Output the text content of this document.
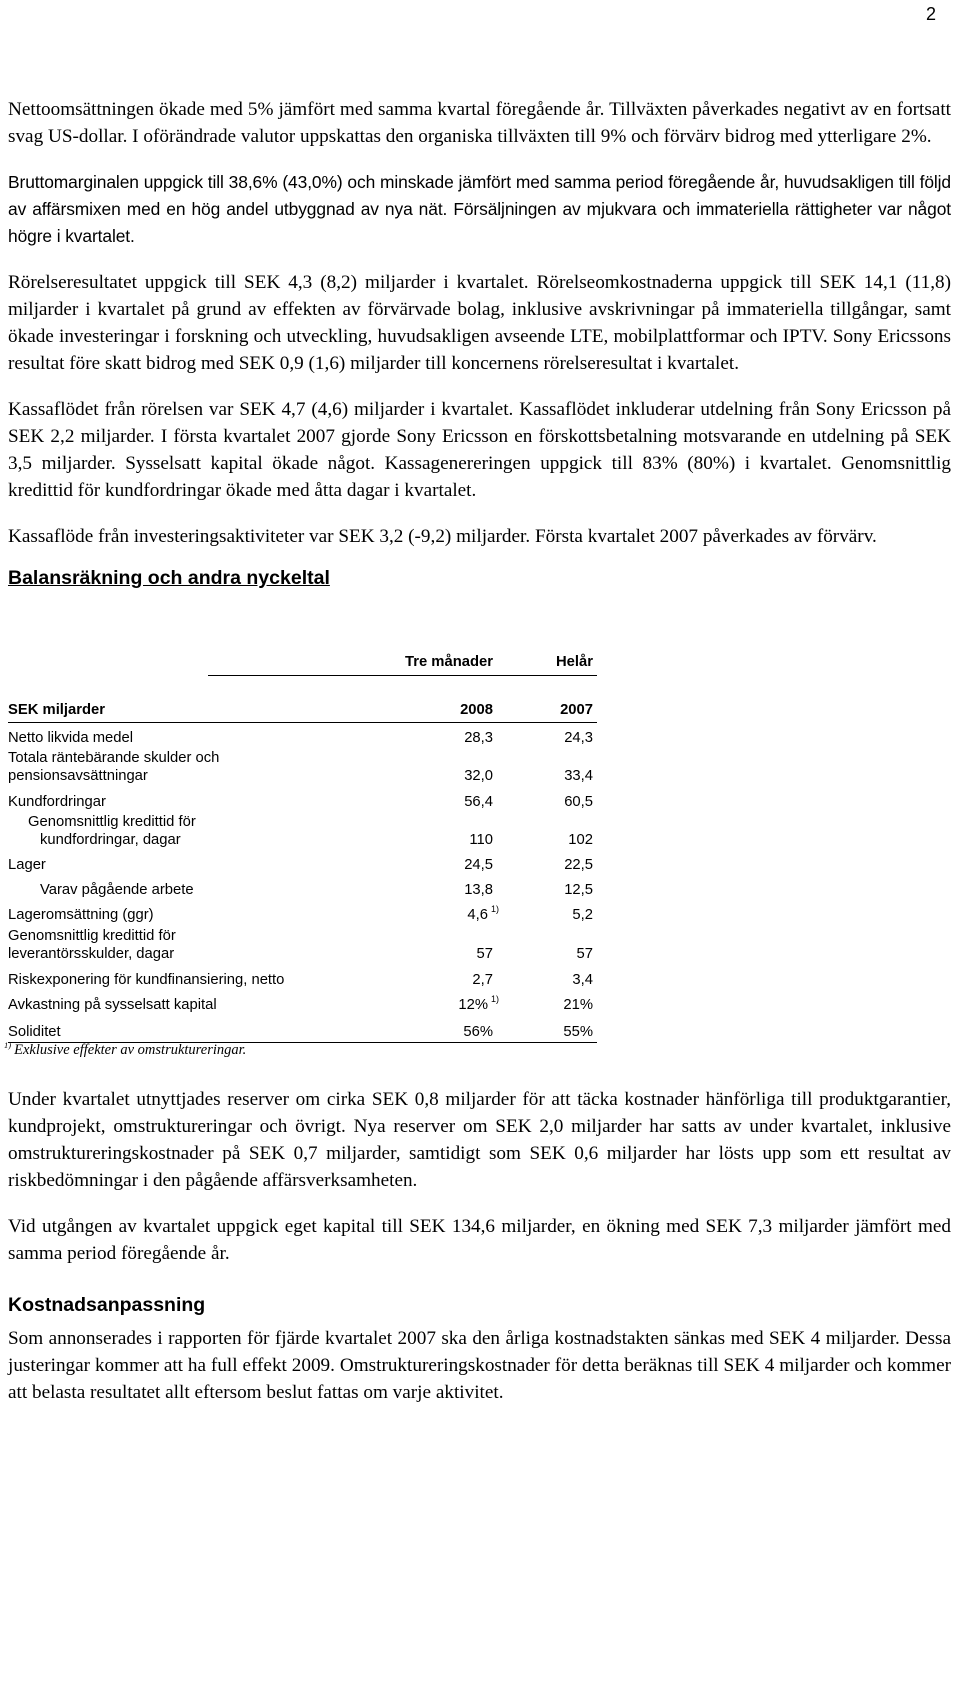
2

Nettoomsättningen ökade med 5% jämfört med samma kvartal föregående år. Tillväxten påverkades negativt av en fortsatt svag US-dollar. I oförändrade valutor uppskattas den organiska tillväxten till 9% och förvärv bidrog med ytterligare 2%.

Bruttomarginalen uppgick till 38,6% (43,0%) och minskade jämfört med samma period föregående år, huvudsakligen till följd av affärsmixen med en hög andel utbyggnad av nya nät. Försäljningen av mjukvara och immateriella rättigheter var något högre i kvartalet.

Rörelseresultatet uppgick till SEK 4,3 (8,2) miljarder i kvartalet. Rörelseomkostnaderna uppgick till SEK 14,1 (11,8) miljarder i kvartalet på grund av effekten av förvärvade bolag, inklusive avskrivningar på immateriella tillgångar, samt ökade investeringar i forskning och utveckling, huvudsakligen avseende LTE, mobilplattformar och IPTV. Sony Ericssons resultat före skatt bidrog med SEK 0,9 (1,6) miljarder till koncernens rörelseresultat i kvartalet.

Kassaflödet från rörelsen var SEK 4,7 (4,6) miljarder i kvartalet. Kassaflödet inkluderar utdelning från Sony Ericsson på SEK 2,2 miljarder. I första kvartalet 2007 gjorde Sony Ericsson en förskottsbetalning motsvarande en utdelning på SEK 3,5 miljarder. Sysselsatt kapital ökade något. Kassagenereringen uppgick till 83% (80%) i kvartalet. Genomsnittlig kredittid för kundfordringar ökade med åtta dagar i kvartalet.

Kassaflöde från investeringsaktiviteter var SEK 3,2 (-9,2) miljarder. Första kvartalet 2007 påverkades av förvärv.

Balansräkning och andra nyckeltal
Tre månader	Helår
SEK miljarder	2008	2007
Netto likvida medel	28,3	24,3
Totala räntebärande skulder och
pensionsavsättningar	32,0	33,4
Kundfordringar	56,4	60,5
Genomsnittlig kredittid för
kundfordringar, dagar	110	102
Lager	24,5	22,5
Varav pågående arbete	13,8	12,5
Lageromsättning (ggr)	4,6 $^{1)}$	5,2
Genomsnittlig kredittid för
leverantörsskulder, dagar	57	57
Riskexponering för kundfinansiering, netto	2,7	3,4
Avkastning på sysselsatt kapital	12% $^{1)}$	21%
Soliditet	56%	55%
$^{1)}$ Exklusive effekter av omstruktureringar.

Under kvartalet utnyttjades reserver om cirka SEK 0,8 miljarder för att täcka kostnader hänförliga till produktgarantier, kundprojekt, omstruktureringar och övrigt. Nya reserver om SEK 2,0 miljarder har satts av under kvartalet, inklusive omstruktureringskostnader på SEK 0,7 miljarder, samtidigt som SEK 0,6 miljarder har lösts upp som ett resultat av riskbedömningar i den pågående affärsverksamheten.

Vid utgången av kvartalet uppgick eget kapital till SEK 134,6 miljarder, en ökning med SEK 7,3 miljarder jämfört med samma period föregående år.

Kostnadsanpassning

Som annonserades i rapporten för fjärde kvartalet 2007 ska den årliga kostnadstakten sänkas med SEK 4 miljarder. Dessa justeringar kommer att ha full effekt 2009. Omstruktureringskostnader för detta beräknas till SEK 4 miljarder och kommer att belasta resultatet allt eftersom beslut fattas om varje aktivitet.
